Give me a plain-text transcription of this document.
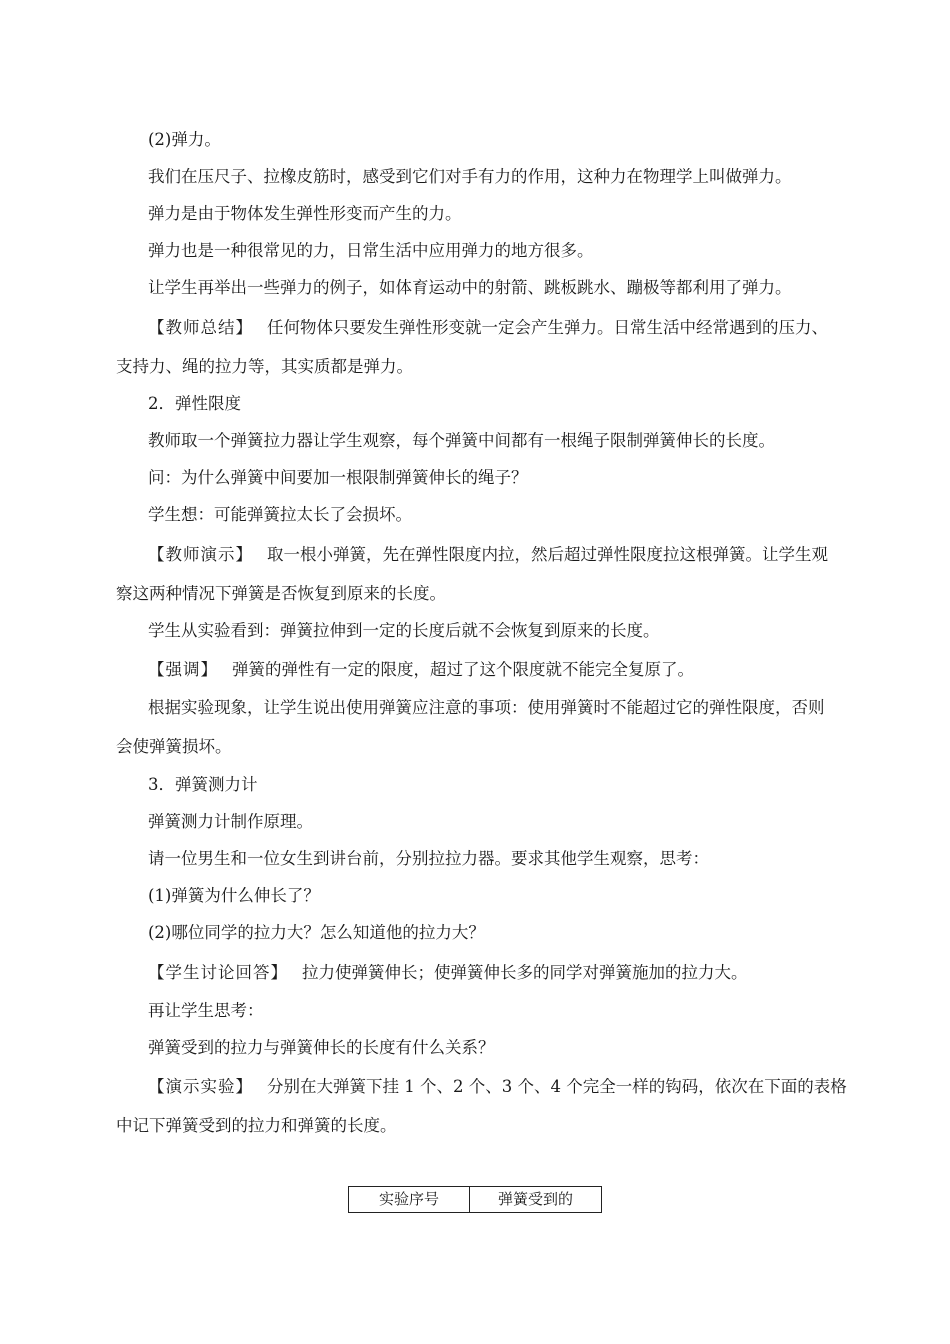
(2)弹力。

我们在压尺子、拉橡皮筋时，感受到它们对手有力的作用，这种力在物理学上叫做弹力。

弹力是由于物体发生弹性形变而产生的力。

弹力也是一种很常见的力，日常生活中应用弹力的地方很多。

让学生再举出一些弹力的例子，如体育运动中的射箭、跳板跳水、蹦极等都利用了弹力。

【教师总结】 任何物体只要发生弹性形变就一定会产生弹力。日常生活中经常遇到的压力、

支持力、绳的拉力等，其实质都是弹力。

2．弹性限度

教师取一个弹簧拉力器让学生观察，每个弹簧中间都有一根绳子限制弹簧伸长的长度。

问：为什么弹簧中间要加一根限制弹簧伸长的绳子？

学生想：可能弹簧拉太长了会损坏。

【教师演示】 取一根小弹簧，先在弹性限度内拉，然后超过弹性限度拉这根弹簧。让学生观

察这两种情况下弹簧是否恢复到原来的长度。

学生从实验看到：弹簧拉伸到一定的长度后就不会恢复到原来的长度。

【强调】 弹簧的弹性有一定的限度，超过了这个限度就不能完全复原了。

根据实验现象，让学生说出使用弹簧应注意的事项：使用弹簧时不能超过它的弹性限度，否则

会使弹簧损坏。

3．弹簧测力计

弹簧测力计制作原理。

请一位男生和一位女生到讲台前，分别拉拉力器。要求其他学生观察，思考：

(1)弹簧为什么伸长了？

(2)哪位同学的拉力大？怎么知道他的拉力大？

【学生讨论回答】 拉力使弹簧伸长；使弹簧伸长多的同学对弹簧施加的拉力大。

再让学生思考：

弹簧受到的拉力与弹簧伸长的长度有什么关系？

【演示实验】 分别在大弹簧下挂 1 个、2 个、3 个、4 个完全一样的钩码，依次在下面的表格

中记下弹簧受到的拉力和弹簧的长度。

实验序号	弹簧受到的
